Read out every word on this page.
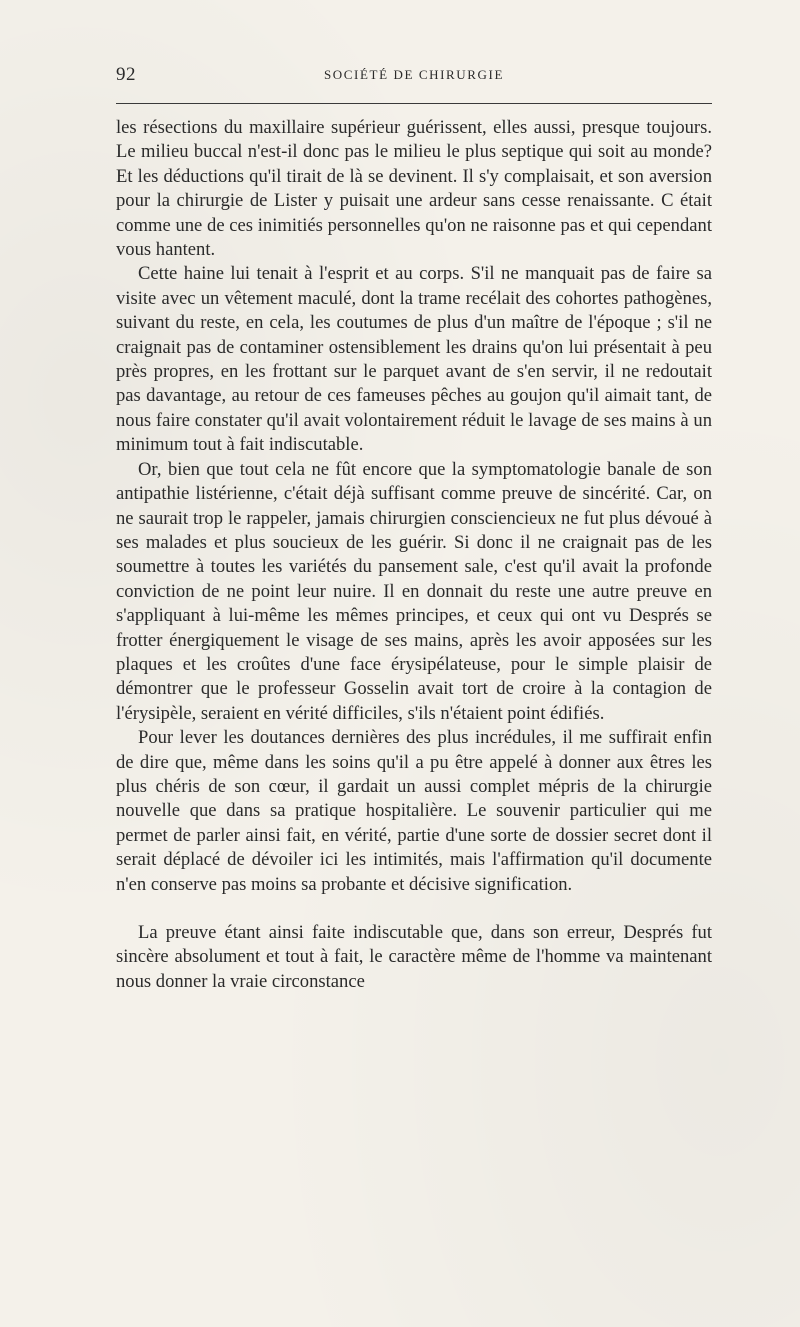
92	SOCIÉTÉ DE CHIRURGIE

les résections du maxillaire supérieur guérissent, elles aussi, presque toujours. Le milieu buccal n'est-il donc pas le milieu le plus septique qui soit au monde? Et les déductions qu'il tirait de là se devinent. Il s'y complaisait, et son aversion pour la chirurgie de Lister y puisait une ardeur sans cesse renaissante. C était comme une de ces inimitiés personnelles qu'on ne raisonne pas et qui cependant vous hantent.

Cette haine lui tenait à l'esprit et au corps. S'il ne manquait pas de faire sa visite avec un vêtement maculé, dont la trame recélait des cohortes pathogènes, suivant du reste, en cela, les coutumes de plus d'un maître de l'époque ; s'il ne craignait pas de contaminer ostensiblement les drains qu'on lui présentait à peu près propres, en les frottant sur le parquet avant de s'en servir, il ne redoutait pas davantage, au retour de ces fameuses pêches au goujon qu'il aimait tant, de nous faire constater qu'il avait volontairement réduit le lavage de ses mains à un minimum tout à fait indiscutable.

Or, bien que tout cela ne fût encore que la symptomatologie banale de son antipathie listérienne, c'était déjà suffisant comme preuve de sincérité. Car, on ne saurait trop le rappeler, jamais chirurgien consciencieux ne fut plus dévoué à ses malades et plus soucieux de les guérir. Si donc il ne craignait pas de les soumettre à toutes les variétés du pansement sale, c'est qu'il avait la profonde conviction de ne point leur nuire. Il en donnait du reste une autre preuve en s'appliquant à lui-même les mêmes principes, et ceux qui ont vu Després se frotter énergiquement le visage de ses mains, après les avoir apposées sur les plaques et les croûtes d'une face érysipélateuse, pour le simple plaisir de démontrer que le professeur Gosselin avait tort de croire à la contagion de l'érysipèle, seraient en vérité difficiles, s'ils n'étaient point édifiés.

Pour lever les doutances dernières des plus incrédules, il me suffirait enfin de dire que, même dans les soins qu'il a pu être appelé à donner aux êtres les plus chéris de son cœur, il gardait un aussi complet mépris de la chirurgie nouvelle que dans sa pratique hospitalière. Le souvenir particulier qui me permet de parler ainsi fait, en vérité, partie d'une sorte de dossier secret dont il serait déplacé de dévoiler ici les intimités, mais l'affirmation qu'il documente n'en conserve pas moins sa probante et décisive signification.

La preuve étant ainsi faite indiscutable que, dans son erreur, Després fut sincère absolument et tout à fait, le caractère même de l'homme va maintenant nous donner la vraie circonstance
